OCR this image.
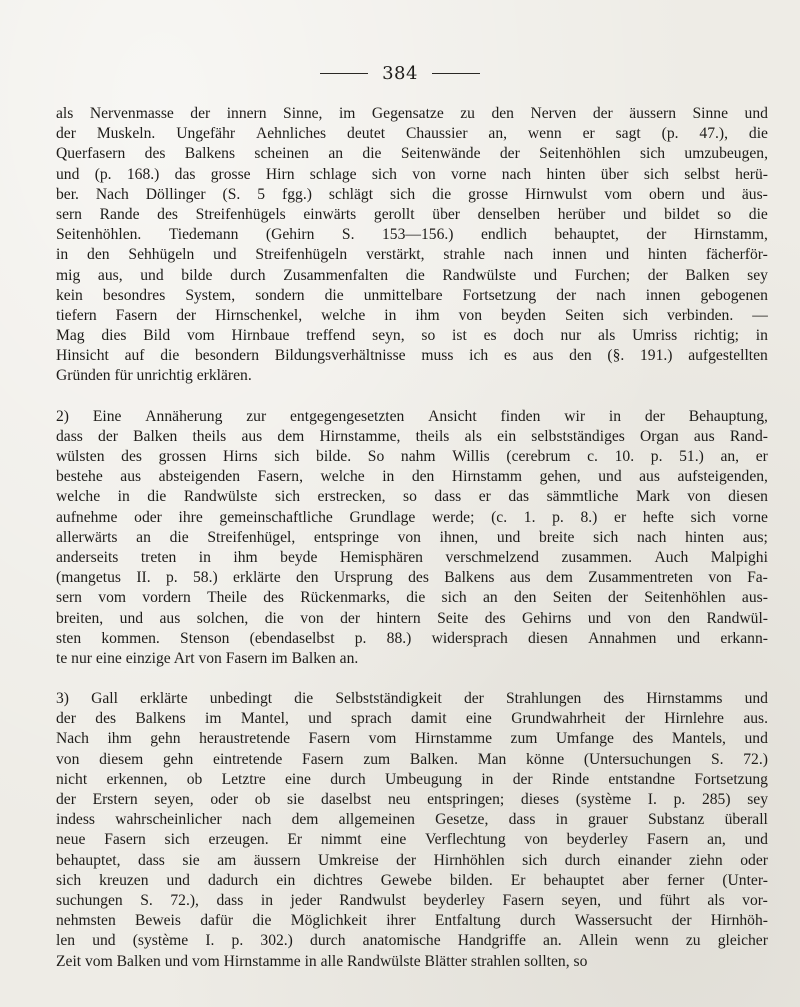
384
als Nervenmasse der innern Sinne, im Gegensatze zu den Nerven der äussern Sinne und
der Muskeln. Ungefähr Aehnliches deutet Chaussier an, wenn er sagt (p. 47.), die
Querfasern des Balkens scheinen an die Seitenwände der Seitenhöhlen sich umzubeugen,
und (p. 168.) das grosse Hirn schlage sich von vorne nach hinten über sich selbst herü-
ber. Nach Döllinger (S. 5 fgg.) schlägt sich die grosse Hirnwulst vom obern und äus-
sern Rande des Streifenhügels einwärts gerollt über denselben herüber und bildet so die
Seitenhöhlen. Tiedemann (Gehirn S. 153—156.) endlich behauptet, der Hirnstamm,
in den Sehhügeln und Streifenhügeln verstärkt, strahle nach innen und hinten fächerför-
mig aus, und bilde durch Zusammenfalten die Randwülste und Furchen; der Balken sey
kein besondres System, sondern die unmittelbare Fortsetzung der nach innen gebogenen
tiefern Fasern der Hirnschenkel, welche in ihm von beyden Seiten sich verbinden. —
Mag dies Bild vom Hirnbaue treffend seyn, so ist es doch nur als Umriss richtig; in
Hinsicht auf die besondern Bildungsverhältnisse muss ich es aus den (§. 191.) aufgestellten
Gründen für unrichtig erklären.
2) Eine Annäherung zur entgegengesetzten Ansicht finden wir in der Behauptung,
dass der Balken theils aus dem Hirnstamme, theils als ein selbstständiges Organ aus Rand-
wülsten des grossen Hirns sich bilde. So nahm Willis (cerebrum c. 10. p. 51.) an, er
bestehe aus absteigenden Fasern, welche in den Hirnstamm gehen, und aus aufsteigenden,
welche in die Randwülste sich erstrecken, so dass er das sämmtliche Mark von diesen
aufnehme oder ihre gemeinschaftliche Grundlage werde; (c. 1. p. 8.) er hefte sich vorne
allerwärts an die Streifenhügel, entspringe von ihnen, und breite sich nach hinten aus;
anderseits treten in ihm beyde Hemisphären verschmelzend zusammen. Auch Malpighi
(mangetus II. p. 58.) erklärte den Ursprung des Balkens aus dem Zusammentreten von Fa-
sern vom vordern Theile des Rückenmarks, die sich an den Seiten der Seitenhöhlen aus-
breiten, und aus solchen, die von der hintern Seite des Gehirns und von den Randwül-
sten kommen. Stenson (ebendaselbst p. 88.) widersprach diesen Annahmen und erkann-
te nur eine einzige Art von Fasern im Balken an.
3) Gall erklärte unbedingt die Selbstständigkeit der Strahlungen des Hirnstamms und
der des Balkens im Mantel, und sprach damit eine Grundwahrheit der Hirnlehre aus.
Nach ihm gehn heraustretende Fasern vom Hirnstamme zum Umfange des Mantels, und
von diesem gehn eintretende Fasern zum Balken. Man könne (Untersuchungen S. 72.)
nicht erkennen, ob Letztre eine durch Umbeugung in der Rinde entstandne Fortsetzung
der Erstern seyen, oder ob sie daselbst neu entspringen; dieses (système I. p. 285) sey
indess wahrscheinlicher nach dem allgemeinen Gesetze, dass in grauer Substanz überall
neue Fasern sich erzeugen. Er nimmt eine Verflechtung von beyderley Fasern an, und
behauptet, dass sie am äussern Umkreise der Hirnhöhlen sich durch einander ziehn oder
sich kreuzen und dadurch ein dichtres Gewebe bilden. Er behauptet aber ferner (Unter-
suchungen S. 72.), dass in jeder Randwulst beyderley Fasern seyen, und führt als vor-
nehmsten Beweis dafür die Möglichkeit ihrer Entfaltung durch Wassersucht der Hirnhöh-
len und (système I. p. 302.) durch anatomische Handgriffe an. Allein wenn zu gleicher
Zeit vom Balken und vom Hirnstamme in alle Randwülste Blätter strahlen sollten, so
